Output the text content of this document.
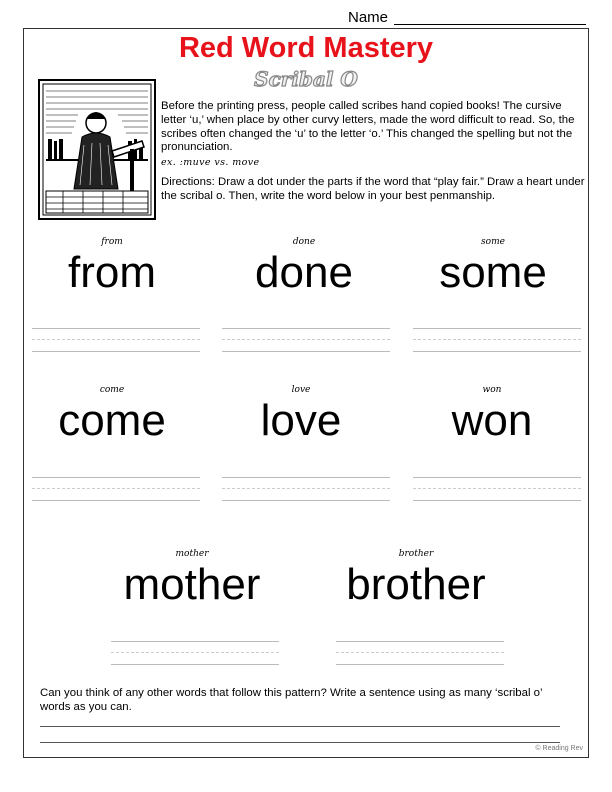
Name
Red Word Mastery
Scribal O
Before the printing press, people called scribes hand copied books! The cursive letter ‘u,’ when place by other curvy letters, made the word difficult to read. So, the scribes often changed the ‘u’ to the letter ‘o.’ This changed the spelling but not the pronunciation.
ex. :muve vs. move
Directions: Draw a dot under the parts if the word that “play fair.” Draw a heart under the scribal o. Then, write the word below in your best penmanship.
from
from
done
done
some
some
come
come
love
love
won
won
mother
mother
brother
brother
Can you think of any other words that follow this pattern? Write a sentence using as many ‘scribal o’ words as you can.
© Reading Rev
